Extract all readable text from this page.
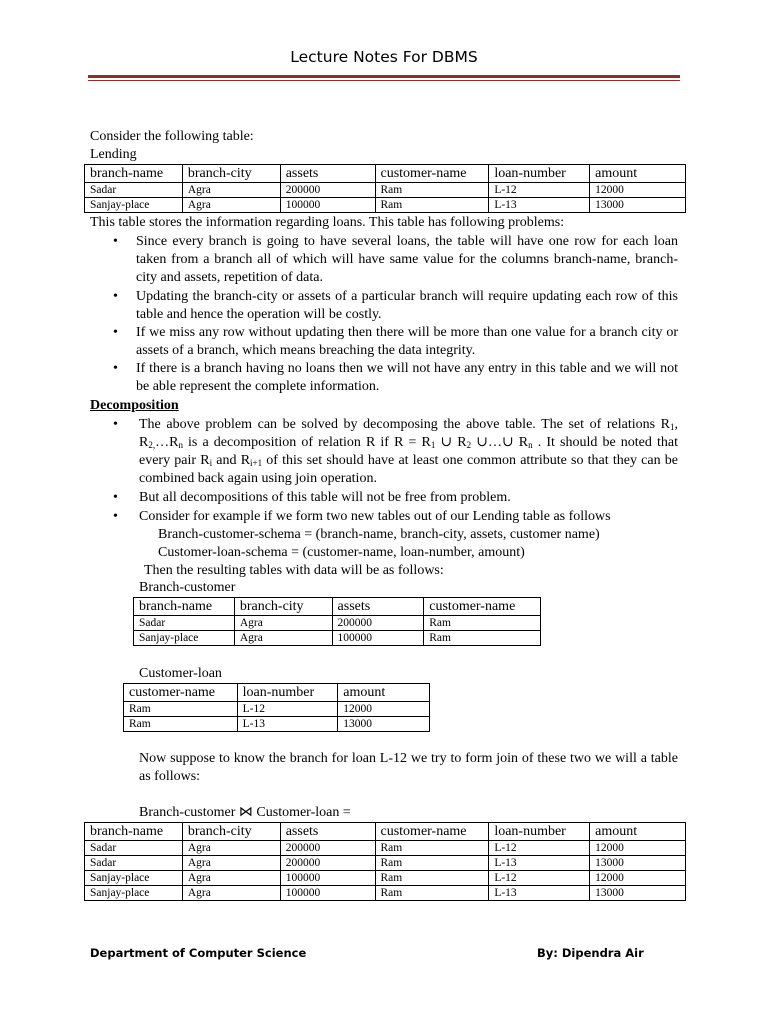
Lecture Notes For DBMS
Consider the following table:
Lending
branch-name	branch-city	assets	customer-name	loan-number	amount
Sadar	Agra	200000	Ram	L-12	12000
Sanjay-place	Agra	100000	Ram	L-13	13000
This table stores the information regarding loans. This table has following problems:
• Since every branch is going to have several loans, the table will have one row for each loan taken from a branch all of which will have same value for the columns branch-name, branch-city and assets, repetition of data.
• Updating the branch-city or assets of a particular branch will require updating each row of this table and hence the operation will be costly.
• If we miss any row without updating then there will be more than one value for a branch city or assets of a branch, which means breaching the data integrity.
• If there is a branch having no loans then we will not have any entry in this table and we will not be able represent the complete information.
Decomposition
• The above problem can be solved by decomposing the above table. The set of relations $R_1$, $R_{2,}\dots R_n$ is a decomposition of relation R if $R = R_1$ ∪ $R_2$ ∪…∪ $R_n$ . It should be noted that every pair $R_i$ and $R_{i+1}$ of this set should have at least one common attribute so that they can be combined back again using join operation.
• But all decompositions of this table will not be free from problem.
• Consider for example if we form two new tables out of our Lending table as follows
Branch-customer-schema = (branch-name, branch-city, assets, customer name)
Customer-loan-schema = (customer-name, loan-number, amount)
Then the resulting tables with data will be as follows:
Branch-customer
branch-name	branch-city	assets	customer-name
Sadar	Agra	200000	Ram
Sanjay-place	Agra	100000	Ram
Customer-loan
customer-name	loan-number	amount
Ram	L-12	12000
Ram	L-13	13000
Now suppose to know the branch for loan L-12 we try to form join of these two we will a table as follows:
Branch-customer ⋈ Customer-loan =
branch-name	branch-city	assets	customer-name	loan-number	amount
Sadar	Agra	200000	Ram	L-12	12000
Sadar	Agra	200000	Ram	L-13	13000
Sanjay-place	Agra	100000	Ram	L-12	12000
Sanjay-place	Agra	100000	Ram	L-13	13000
Department of Computer Science	By: Dipendra Air
